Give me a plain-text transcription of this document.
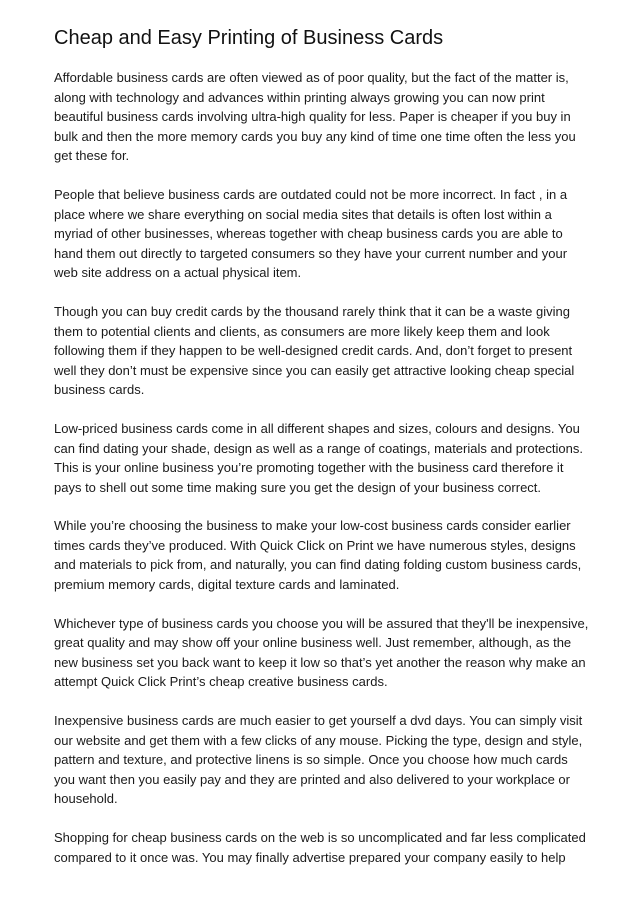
Cheap and Easy Printing of Business Cards

Affordable business cards are often viewed as of poor quality, but the fact of the matter is,
along with technology and advances within printing always growing you can now print
beautiful business cards involving ultra-high quality for less. Paper is cheaper if you buy in
bulk and then the more memory cards you buy any kind of time one time often the less you
get these for.

People that believe business cards are outdated could not be more incorrect. In fact , in a
place where we share everything on social media sites that details is often lost within a
myriad of other businesses, whereas together with cheap business cards you are able to
hand them out directly to targeted consumers so they have your current number and your
web site address on a actual physical item.

Though you can buy credit cards by the thousand rarely think that it can be a waste giving
them to potential clients and clients, as consumers are more likely keep them and look
following them if they happen to be well-designed credit cards. And, don’t forget to present
well they don’t must be expensive since you can easily get attractive looking cheap special
business cards.

Low-priced business cards come in all different shapes and sizes, colours and designs. You
can find dating your shade, design as well as a range of coatings, materials and protections.
This is your online business you’re promoting together with the business card therefore it
pays to shell out some time making sure you get the design of your business correct.

While you’re choosing the business to make your low-cost business cards consider earlier
times cards they’ve produced. With Quick Click on Print we have numerous styles, designs
and materials to pick from, and naturally, you can find dating folding custom business cards,
premium memory cards, digital texture cards and laminated.

Whichever type of business cards you choose you will be assured that they'll be inexpensive,
great quality and may show off your online business well. Just remember, although, as the
new business set you back want to keep it low so that’s yet another the reason why make an
attempt Quick Click Print’s cheap creative business cards.

Inexpensive business cards are much easier to get yourself a dvd days. You can simply visit
our website and get them with a few clicks of any mouse. Picking the type, design and style,
pattern and texture, and protective linens is so simple. Once you choose how much cards
you want then you easily pay and they are printed and also delivered to your workplace or
household.

Shopping for cheap business cards on the web is so uncomplicated and far less complicated
compared to it once was. You may finally advertise prepared your company easily to help
